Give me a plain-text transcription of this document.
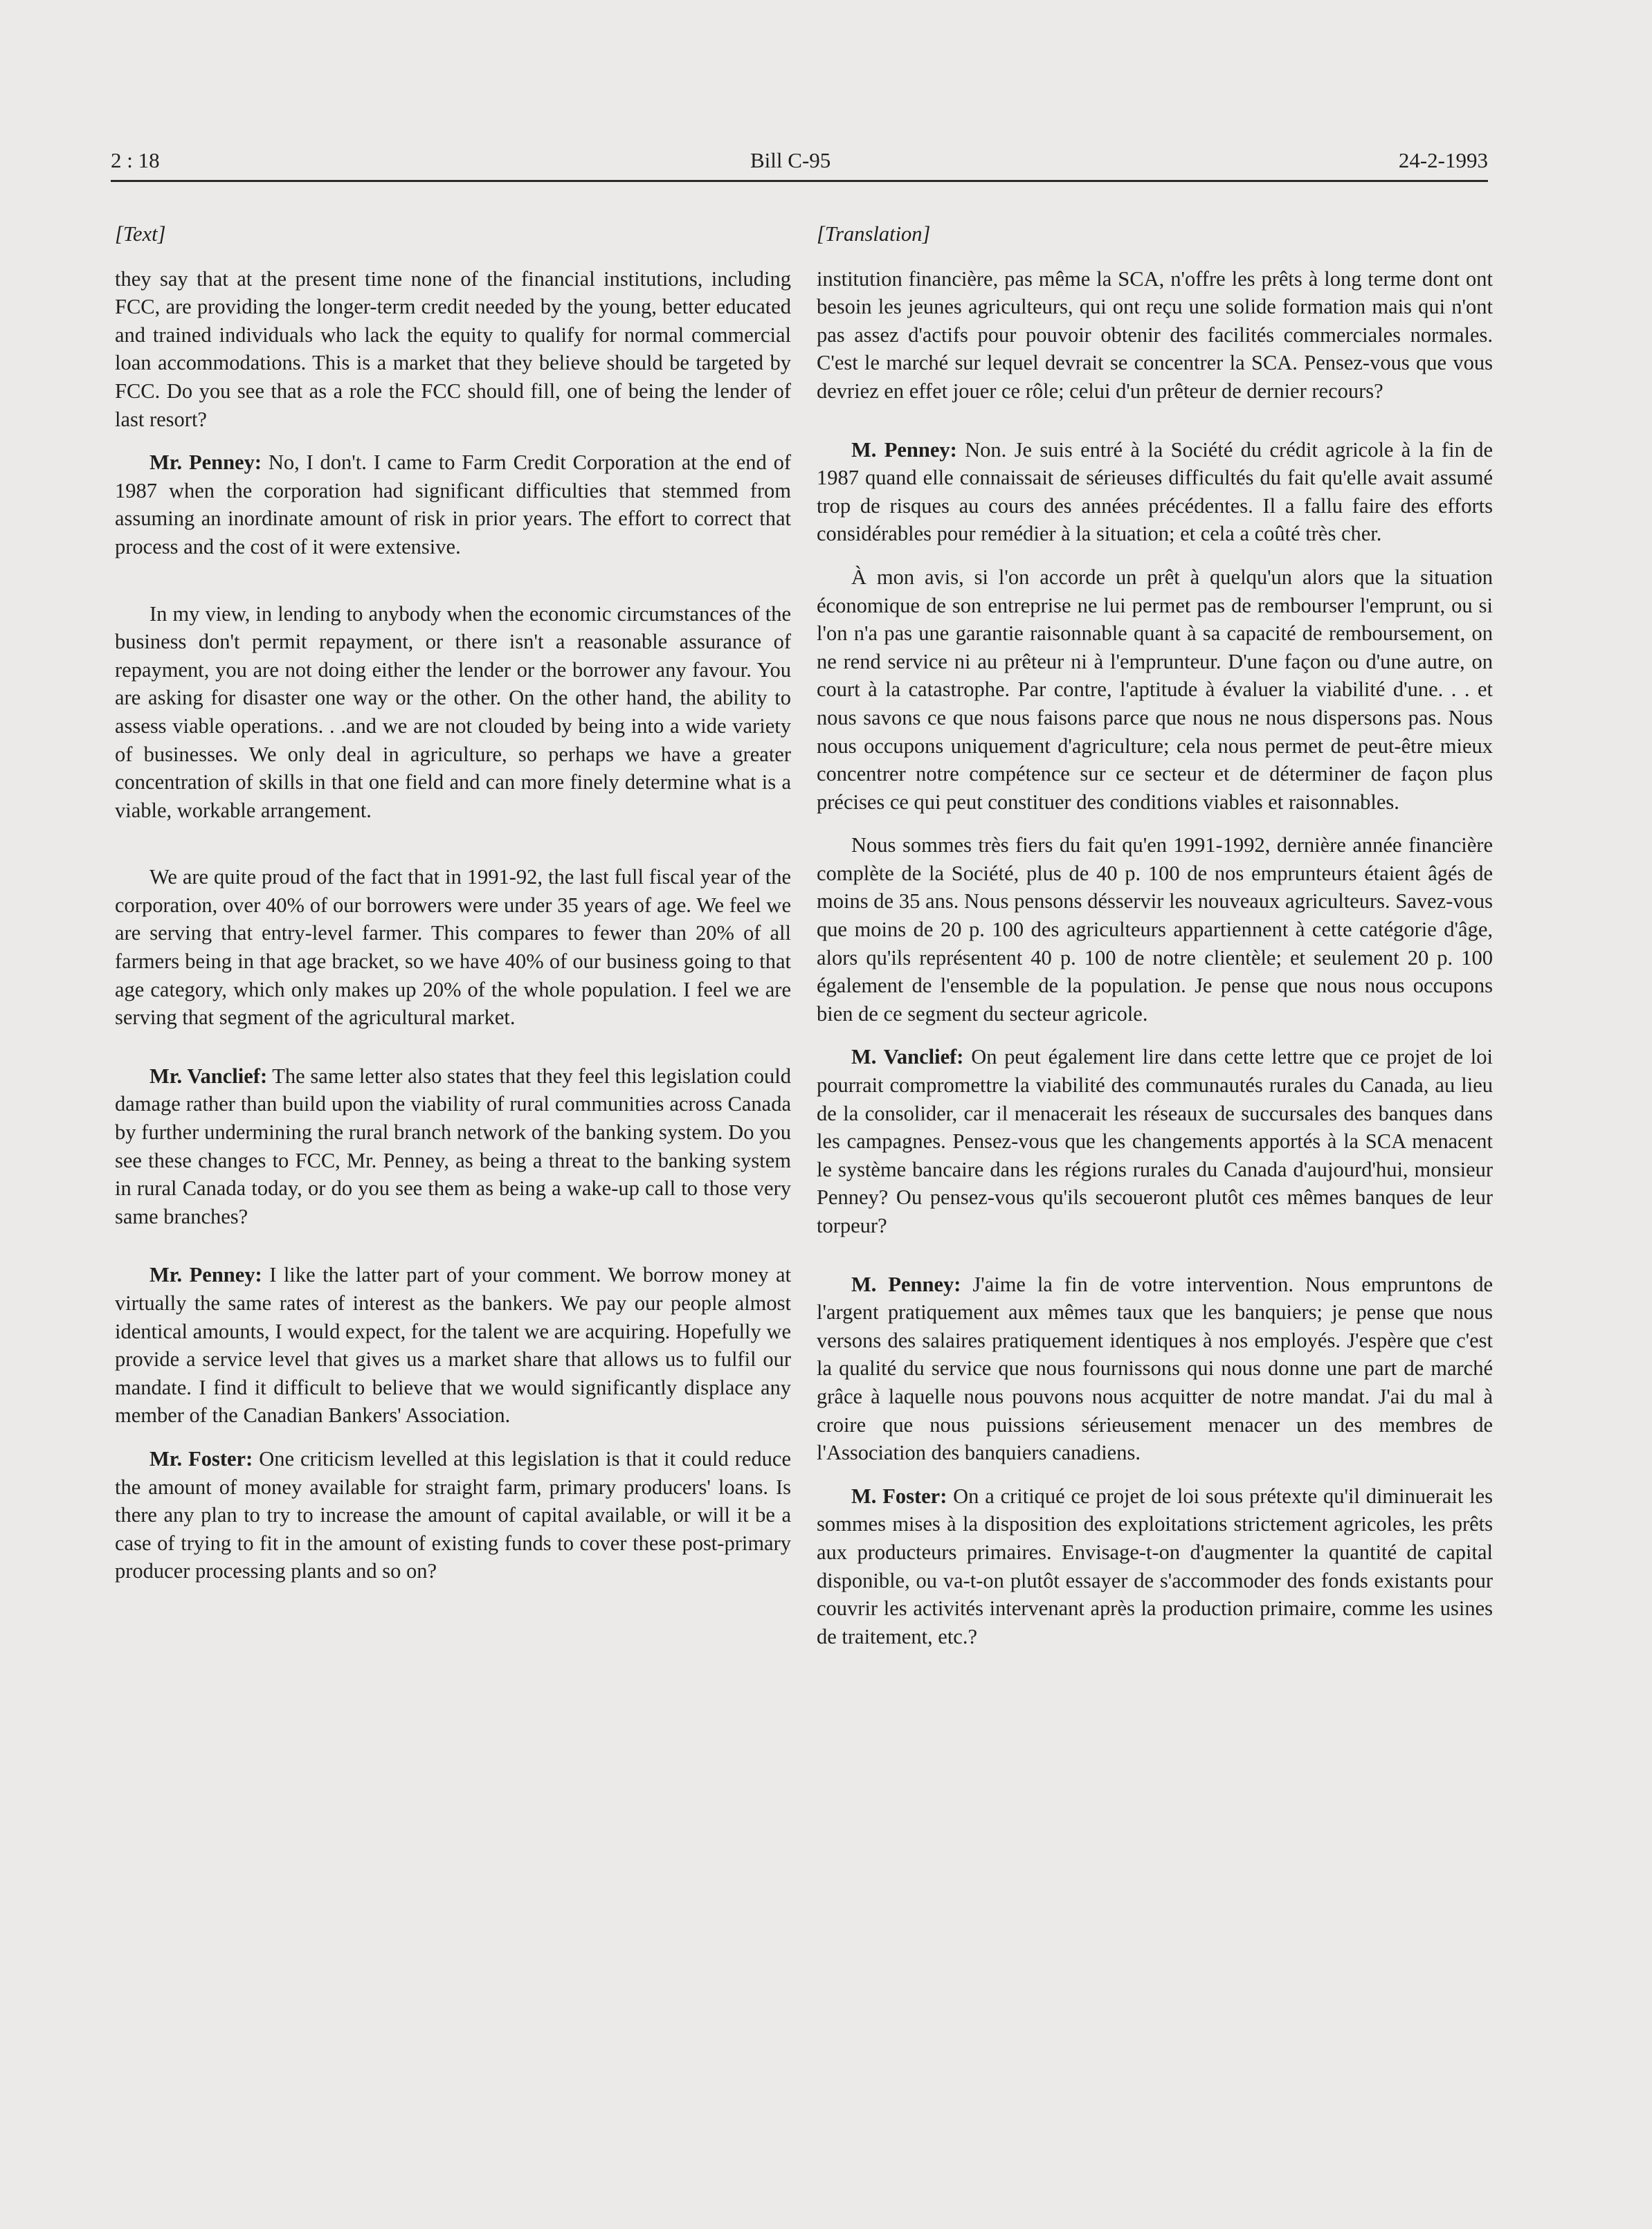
2 : 18	Bill C-95	24-2-1993
[Text]

they say that at the present time none of the financial institutions, including FCC, are providing the longer-term credit needed by the young, better educated and trained individuals who lack the equity to qualify for normal commercial loan accommodations. This is a market that they believe should be targeted by FCC. Do you see that as a role the FCC should fill, one of being the lender of last resort?

Mr. Penney: No, I don't. I came to Farm Credit Corporation at the end of 1987 when the corporation had significant difficulties that stemmed from assuming an inordinate amount of risk in prior years. The effort to correct that process and the cost of it were extensive.

In my view, in lending to anybody when the economic circumstances of the business don't permit repayment, or there isn't a reasonable assurance of repayment, you are not doing either the lender or the borrower any favour. You are asking for disaster one way or the other. On the other hand, the ability to assess viable operations. . .and we are not clouded by being into a wide variety of businesses. We only deal in agriculture, so perhaps we have a greater concentration of skills in that one field and can more finely determine what is a viable, workable arrangement.

We are quite proud of the fact that in 1991-92, the last full fiscal year of the corporation, over 40% of our borrowers were under 35 years of age. We feel we are serving that entry-level farmer. This compares to fewer than 20% of all farmers being in that age bracket, so we have 40% of our business going to that age category, which only makes up 20% of the whole population. I feel we are serving that segment of the agricultural market.

Mr. Vanclief: The same letter also states that they feel this legislation could damage rather than build upon the viability of rural communities across Canada by further undermining the rural branch network of the banking system. Do you see these changes to FCC, Mr. Penney, as being a threat to the banking system in rural Canada today, or do you see them as being a wake-up call to those very same branches?

Mr. Penney: I like the latter part of your comment. We borrow money at virtually the same rates of interest as the bankers. We pay our people almost identical amounts, I would expect, for the talent we are acquiring. Hopefully we provide a service level that gives us a market share that allows us to fulfil our mandate. I find it difficult to believe that we would significantly displace any member of the Canadian Bankers' Association.

Mr. Foster: One criticism levelled at this legislation is that it could reduce the amount of money available for straight farm, primary producers' loans. Is there any plan to try to increase the amount of capital available, or will it be a case of trying to fit in the amount of existing funds to cover these post-primary producer processing plants and so on?

[Translation]

institution financière, pas même la SCA, n'offre les prêts à long terme dont ont besoin les jeunes agriculteurs, qui ont reçu une solide formation mais qui n'ont pas assez d'actifs pour pouvoir obtenir des facilités commerciales normales. C'est le marché sur lequel devrait se concentrer la SCA. Pensez-vous que vous devriez en effet jouer ce rôle; celui d'un prêteur de dernier recours?

M. Penney: Non. Je suis entré à la Société du crédit agricole à la fin de 1987 quand elle connaissait de sérieuses difficultés du fait qu'elle avait assumé trop de risques au cours des années précédentes. Il a fallu faire des efforts considérables pour remédier à la situation; et cela a coûté très cher.

À mon avis, si l'on accorde un prêt à quelqu'un alors que la situation économique de son entreprise ne lui permet pas de rembourser l'emprunt, ou si l'on n'a pas une garantie raisonnable quant à sa capacité de remboursement, on ne rend service ni au prêteur ni à l'emprunteur. D'une façon ou d'une autre, on court à la catastrophe. Par contre, l'aptitude à évaluer la viabilité d'une. . . et nous savons ce que nous faisons parce que nous ne nous dispersons pas. Nous nous occupons uniquement d'agriculture; cela nous permet de peut-être mieux concentrer notre compétence sur ce secteur et de déterminer de façon plus précises ce qui peut constituer des conditions viables et raisonnables.

Nous sommes très fiers du fait qu'en 1991-1992, dernière année financière complète de la Société, plus de 40 p. 100 de nos emprunteurs étaient âgés de moins de 35 ans. Nous pensons désservir les nouveaux agriculteurs. Savez-vous que moins de 20 p. 100 des agriculteurs appartiennent à cette catégorie d'âge, alors qu'ils représentent 40 p. 100 de notre clientèle; et seulement 20 p. 100 également de l'ensemble de la population. Je pense que nous nous occupons bien de ce segment du secteur agricole.

M. Vanclief: On peut également lire dans cette lettre que ce projet de loi pourrait compromettre la viabilité des communautés rurales du Canada, au lieu de la consolider, car il menacerait les réseaux de succursales des banques dans les campagnes. Pensez-vous que les changements apportés à la SCA menacent le système bancaire dans les régions rurales du Canada d'aujourd'hui, monsieur Penney? Ou pensez-vous qu'ils secoueront plutôt ces mêmes banques de leur torpeur?

M. Penney: J'aime la fin de votre intervention. Nous empruntons de l'argent pratiquement aux mêmes taux que les banquiers; je pense que nous versons des salaires pratiquement identiques à nos employés. J'espère que c'est la qualité du service que nous fournissons qui nous donne une part de marché grâce à laquelle nous pouvons nous acquitter de notre mandat. J'ai du mal à croire que nous puissions sérieusement menacer un des membres de l'Association des banquiers canadiens.

M. Foster: On a critiqué ce projet de loi sous prétexte qu'il diminuerait les sommes mises à la disposition des exploitations strictement agricoles, les prêts aux producteurs primaires. Envisage-t-on d'augmenter la quantité de capital disponible, ou va-t-on plutôt essayer de s'accommoder des fonds existants pour couvrir les activités intervenant après la production primaire, comme les usines de traitement, etc.?
